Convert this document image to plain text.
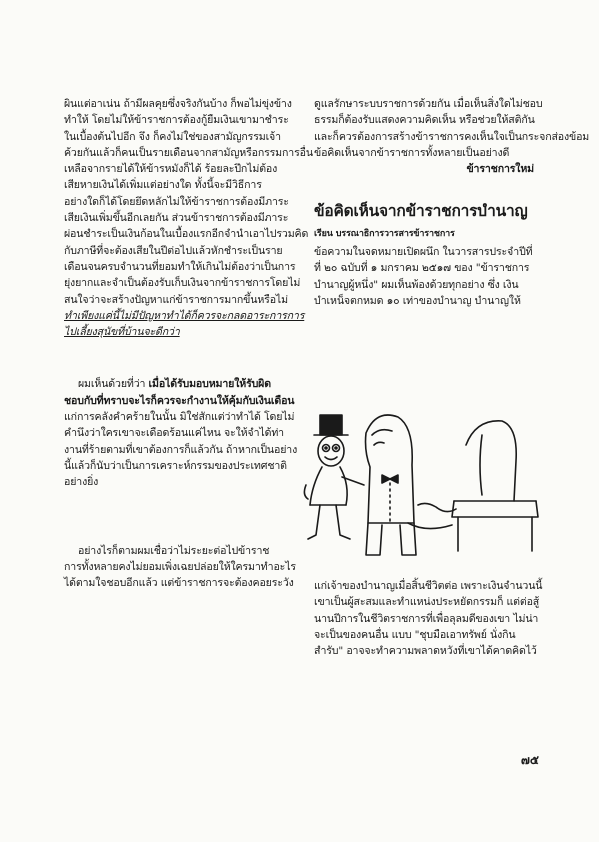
ผินแต่อาเน่น ถ้ามีผลคุยซึ่งจริงกันบ้าง ก็พอไม่ขุ่งข้าง
ทำให้ โดยไม่ให้ข้าราชการต้องกู้ยืมเงินเขามาชำระ
ในเบื้องต้นไปอีก จึง ก็คงไม่ใช่ของสามัญกรรมเจ้า
ค้วยกันแล้วก็คนเป็นรายเดือนจากสามัญหรือกรรมการอื่น
เหลือจากรายได้ให้ข้ารหมังก็ได้ ร้อยละปึกไม่ต้อง
เสียหายเงินได้เพิ่มแต่อย่างใด ทั้งนี้จะมีวิธีการ
อย่างใดก็ได้โดยยึดหลักไม่ให้ข้าราชการต้องมีภาระ
เสียเงินเพิ่มขึ้นอีกเลยกัน ส่วนข้าราชการต้องมีภาระ
ผ่อนชำระเป็นเงินก้อนในเบื้องแรกอีกจำนำเอาไปรวมคิด
กับภาษีที่จะต้องเสียในปีต่อไปแล้วหักชำระเป็นราย
เดือนจนครบจำนวนที่ยอมทำให้เกินไม่ต้องว่าเป็นการ
ยุ่งยากและจำเป็นต้องรับเก็บเงินจากข้าราชการโดยไม่
สนใจว่าจะสร้างปัญหาแก่ข้าราชการมากขึ้นหรือไม่
ทำเพียงแค่นี้ไม่มีปัญหาทำได้ก็ควรจะกลดอาระการการ
ไปเลี้ยงสุนัขที่บ้านจะดีกว่า

ผมเห็นด้วยที่ว่า เมื่อได้รับมอบหมายให้รับผิด
ชอบกับที่ทราบจะไรก็ควรจะกำงานให้คุ้มกับเงินเดือน
แก่การคลังคำคร้ายในนั้น มิใช่สักแต่ว่าทำได้ โดยไม่
คำนึงว่าใครเขาจะเดือดร้อนแค่ไหน จะให้จำได้ท่า
งานที่ร้ายตามที่เขาต้องการก็แล้วกัน ถ้าหากเป็นอย่าง
นี้แล้วก็นับว่าเป็นการเคราะห์กรรมของประเทศชาติ
อย่างยิ่ง

อย่างไรก็ตามผมเชื่อว่าไม่ระยะต่อไปข้าราช
การทั้งหลายคงไม่ยอมเพิ่งเฉยปล่อยให้ใครมาทำอะไร
ได้ตามใจชอบอีกแล้ว แต่ข้าราชการจะต้องคอยระวัง

ดูแลรักษาระบบราชการด้วยกัน เมื่อเห็นสิ่งใดไม่ชอบ
ธรรมก็ต้องรับแสดงความคิดเห็น หรือช่วยให้สติกัน
และก็ควรต้องการสร้างข้าราชการคงเห็นใจเป็นกระจกส่องข้อม
ข้อคิดเห็นจากข้าราชการทั้งหลายเป็นอย่างดี

ข้าราชการใหม่
ข้อคิดเห็นจากข้าราชการบำนาญ
เรียน บรรณาธิการวารสารข้าราชการ

ข้อความในจดหมายเปิดผนึก ในวารสารประจำปีที่
ที่ ๒๐ ฉบับที่ ๑ มกราคม ๒๕๑๗ ของ "ข้าราชการ
บำนาญผู้หนึ่ง" ผมเห็นพ้องด้วยทุกอย่าง ซึ่ง เงิน
บำเหน็จตกหมด ๑๐ เท่าของบำนาญ บำนาญให้

แก่เจ้าของบำนาญเมื่อสิ้นชีวิตต่อ เพราะเงินจำนวนนี้
เขาเป็นผู้สะสมและทำแหน่งประหยัดกรรมก็ แต่ต่อสู้
นานปีการในชีวิตราชการที่เพื่อลุลมดีของเขา ไม่น่า
จะเป็นของคนอื่น แบบ "ชุบมือเอาทรัพย์ นั่งกิน
สำรับ" อาจจะทำความพลาดหวังที่เขาได้คาดคิดไว้

๗๕
